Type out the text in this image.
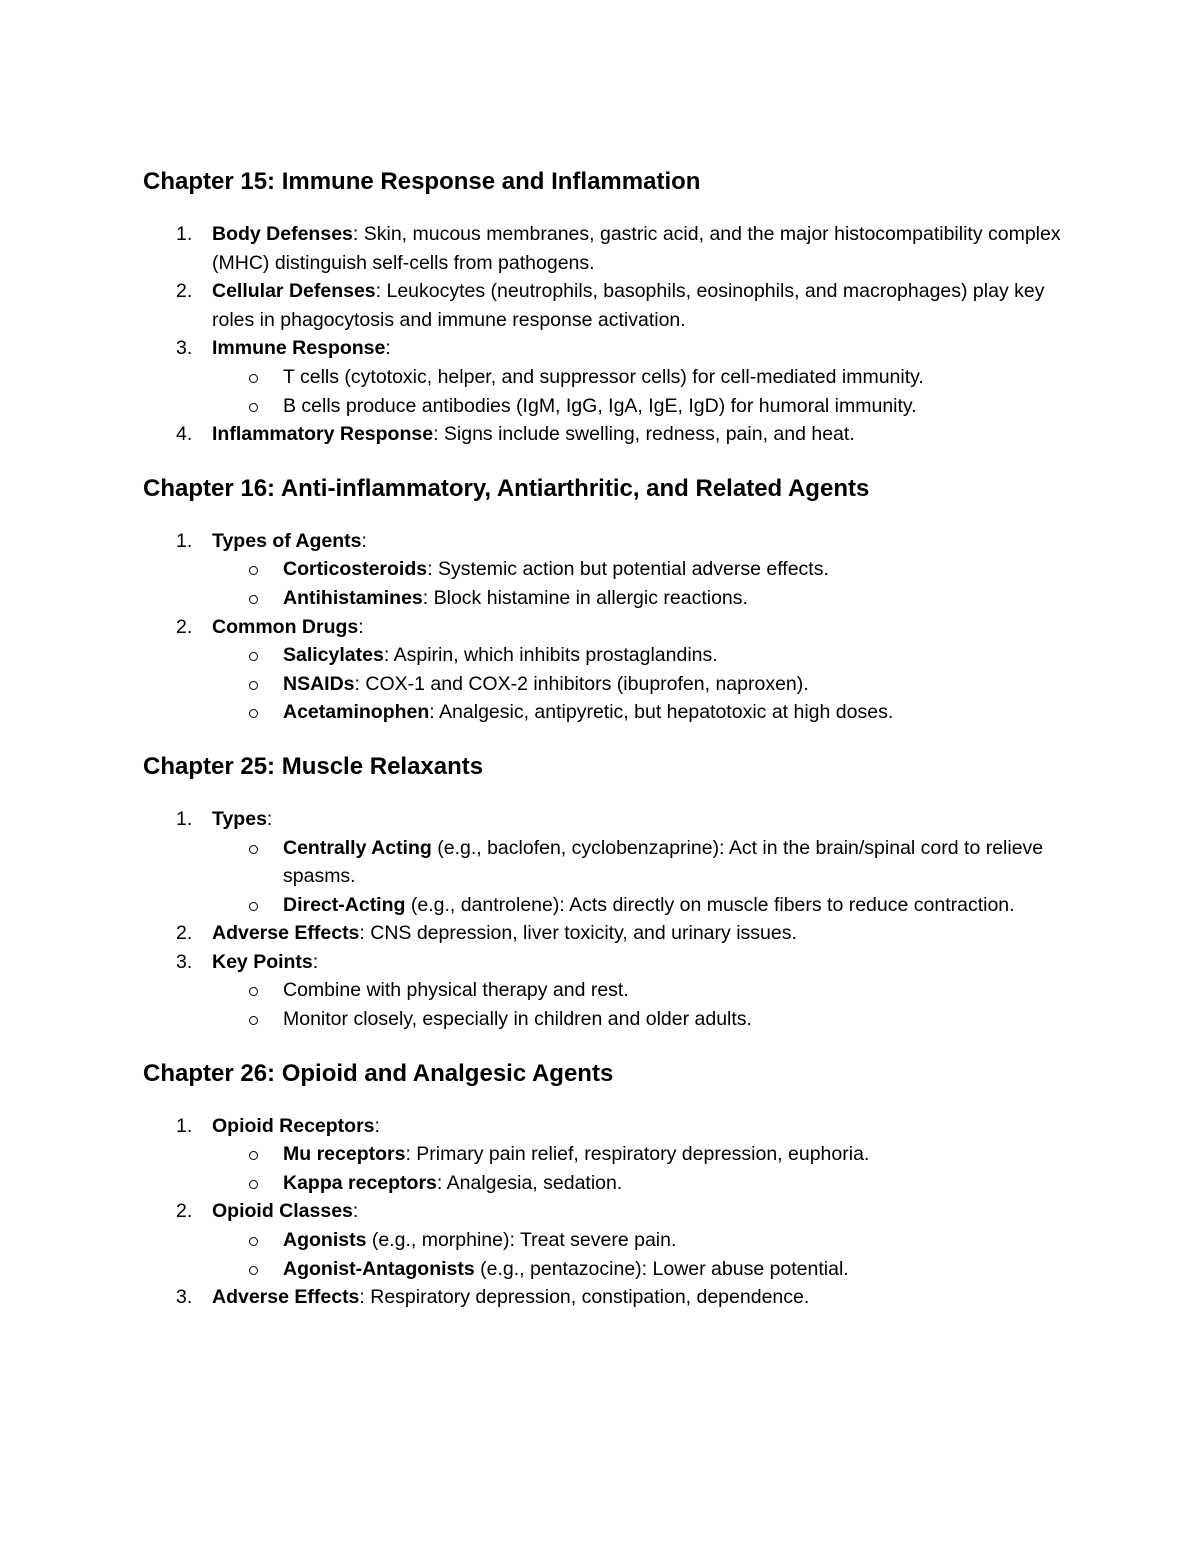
Chapter 15: Immune Response and Inflammation
1. Body Defenses: Skin, mucous membranes, gastric acid, and the major histocompatibility complex (MHC) distinguish self-cells from pathogens.
2. Cellular Defenses: Leukocytes (neutrophils, basophils, eosinophils, and macrophages) play key roles in phagocytosis and immune response activation.
3. Immune Response:
T cells (cytotoxic, helper, and suppressor cells) for cell-mediated immunity.
B cells produce antibodies (IgM, IgG, IgA, IgE, IgD) for humoral immunity.
4. Inflammatory Response: Signs include swelling, redness, pain, and heat.
Chapter 16: Anti-inflammatory, Antiarthritic, and Related Agents
1. Types of Agents:
Corticosteroids: Systemic action but potential adverse effects.
Antihistamines: Block histamine in allergic reactions.
2. Common Drugs:
Salicylates: Aspirin, which inhibits prostaglandins.
NSAIDs: COX-1 and COX-2 inhibitors (ibuprofen, naproxen).
Acetaminophen: Analgesic, antipyretic, but hepatotoxic at high doses.
Chapter 25: Muscle Relaxants
1. Types:
Centrally Acting (e.g., baclofen, cyclobenzaprine): Act in the brain/spinal cord to relieve spasms.
Direct-Acting (e.g., dantrolene): Acts directly on muscle fibers to reduce contraction.
2. Adverse Effects: CNS depression, liver toxicity, and urinary issues.
3. Key Points:
Combine with physical therapy and rest.
Monitor closely, especially in children and older adults.
Chapter 26: Opioid and Analgesic Agents
1. Opioid Receptors:
Mu receptors: Primary pain relief, respiratory depression, euphoria.
Kappa receptors: Analgesia, sedation.
2. Opioid Classes:
Agonists (e.g., morphine): Treat severe pain.
Agonist-Antagonists (e.g., pentazocine): Lower abuse potential.
3. Adverse Effects: Respiratory depression, constipation, dependence.
